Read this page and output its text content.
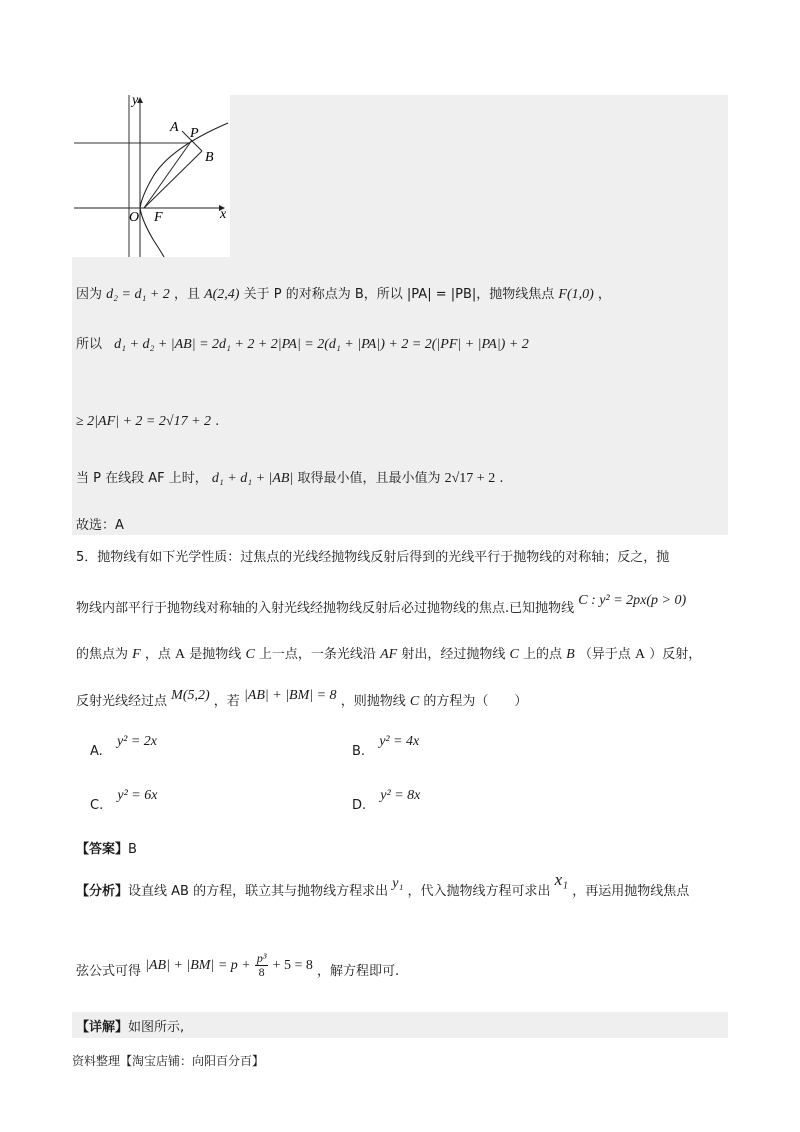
y
x
A P
B
O F
因为 d₂ = d₁ + 2 ，且 A(2,4) 关于 P 的对称点为 B，所以 |PA| = |PB|，抛物线焦点 F(1,0) ，
所以 d₁ + d₂ + |AB| = 2d₁ + 2 + 2|PA| = 2(d₁ + |PA|) + 2 = 2(|PF| + |PA|) + 2
≥ 2|AF| + 2 = 2√17 + 2 .
当 P 在线段 AF 上时， d₁ + d₁ + |AB| 取得最小值，且最小值为 2√17 + 2 .
故选：A
5．抛物线有如下光学性质：过焦点的光线经抛物线反射后得到的光线平行于抛物线的对称轴；反之，抛
物线内部平行于抛物线对称轴的入射光线经抛物线反射后必过抛物线的焦点.已知抛物线 C : y² = 2px(p > 0)
的焦点为 F ，点 A 是抛物线 C 上一点，一条光线沿 AF 射出，经过抛物线 C 上的点 B （异于点 A ）反射，
反射光线经过点 M(5,2) ，若 |AB| + |BM| = 8 ，则抛物线 C 的方程为（　　）
A. y² = 2x
B. y² = 4x
C. y² = 6x
D. y² = 8x
【答案】B
【分析】设直线 AB 的方程，联立其与抛物线方程求出 y₁ ，代入抛物线方程可求出 x₁ ，再运用抛物线焦点
弦公式可得 $|AB| + |BM| = p + \frac{\text{p³}}{8} + 5 = 8$ ，解方程即可.
【详解】如图所示,
资料整理【淘宝店铺：向阳百分百】
